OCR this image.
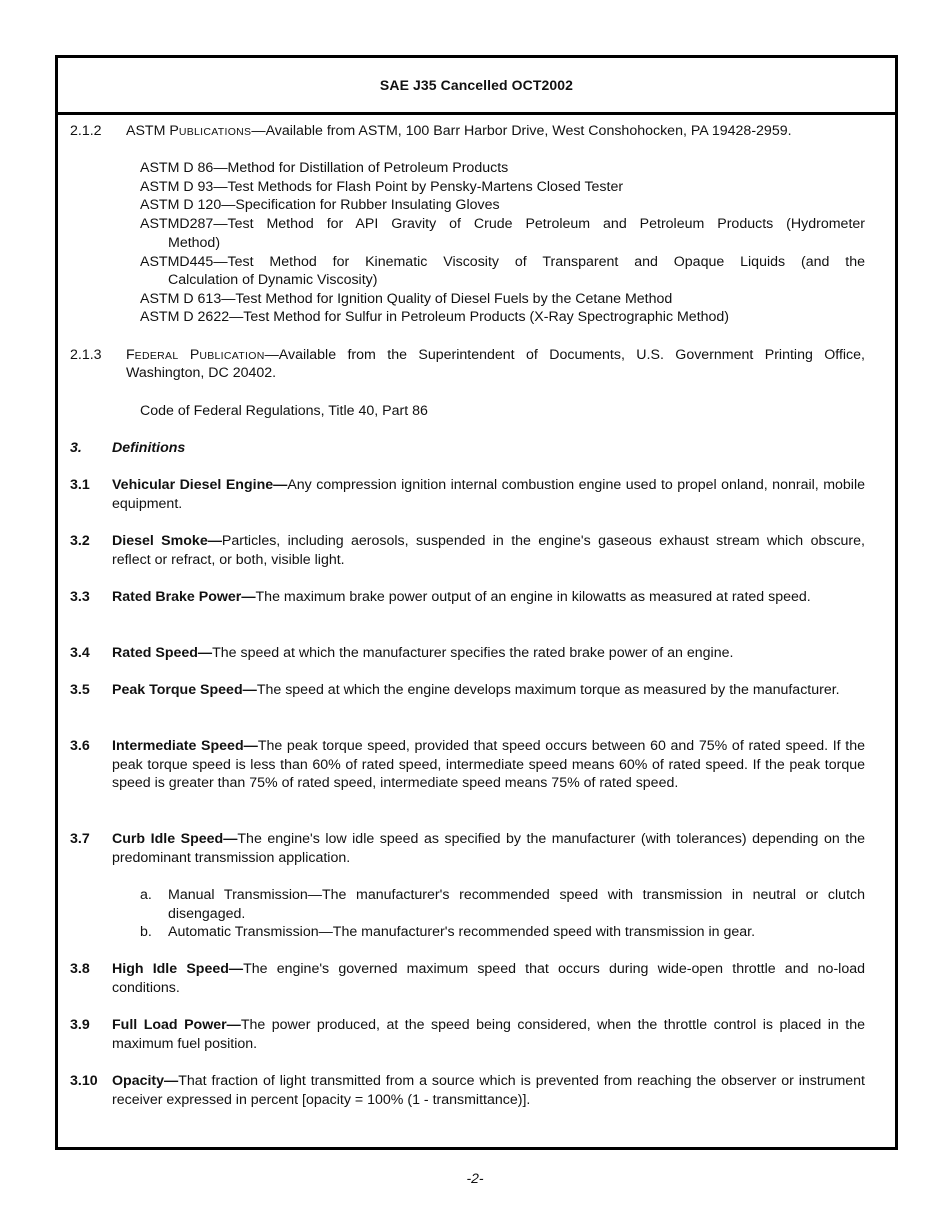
SAE J35 Cancelled OCT2002
2.1.2 ASTM PUBLICATIONS—Available from ASTM, 100 Barr Harbor Drive, West Conshohocken, PA 19428-2959.
ASTM D 86—Method for Distillation of Petroleum Products
ASTM D 93—Test Methods for Flash Point by Pensky-Martens Closed Tester
ASTM D 120—Specification for Rubber Insulating Gloves
ASTMD287—Test Method for API Gravity of Crude Petroleum and Petroleum Products (Hydrometer
Method)
ASTMD445—Test Method for Kinematic Viscosity of Transparent and Opaque Liquids (and the
Calculation of Dynamic Viscosity)
ASTM D 613—Test Method for Ignition Quality of Diesel Fuels by the Cetane Method
ASTM D 2622—Test Method for Sulfur in Petroleum Products (X-Ray Spectrographic Method)
2.1.3 FEDERAL PUBLICATION—Available from the Superintendent of Documents, U.S. Government Printing Office,
Washington, DC 20402.
Code of Federal Regulations, Title 40, Part 86
3. Definitions
3.1 Vehicular Diesel Engine—Any compression ignition internal combustion engine used to propel onland, nonrail, mobile equipment.
3.2 Diesel Smoke—Particles, including aerosols, suspended in the engine's gaseous exhaust stream which obscure, reflect or refract, or both, visible light.
3.3 Rated Brake Power—The maximum brake power output of an engine in kilowatts as measured at rated speed.
3.4 Rated Speed—The speed at which the manufacturer specifies the rated brake power of an engine.
3.5 Peak Torque Speed—The speed at which the engine develops maximum torque as measured by the manufacturer.
3.6 Intermediate Speed—The peak torque speed, provided that speed occurs between 60 and 75% of rated speed. If the peak torque speed is less than 60% of rated speed, intermediate speed means 60% of rated speed. If the peak torque speed is greater than 75% of rated speed, intermediate speed means 75% of rated speed.
3.7 Curb Idle Speed—The engine's low idle speed as specified by the manufacturer (with tolerances) depending on the predominant transmission application.
a. Manual Transmission—The manufacturer's recommended speed with transmission in neutral or clutch disengaged.
b. Automatic Transmission—The manufacturer's recommended speed with transmission in gear.
3.8 High Idle Speed—The engine's governed maximum speed that occurs during wide-open throttle and no-load conditions.
3.9 Full Load Power—The power produced, at the speed being considered, when the throttle control is placed in the maximum fuel position.
3.10 Opacity—That fraction of light transmitted from a source which is prevented from reaching the observer or instrument receiver expressed in percent [opacity = 100% (1 - transmittance)].
-2-
